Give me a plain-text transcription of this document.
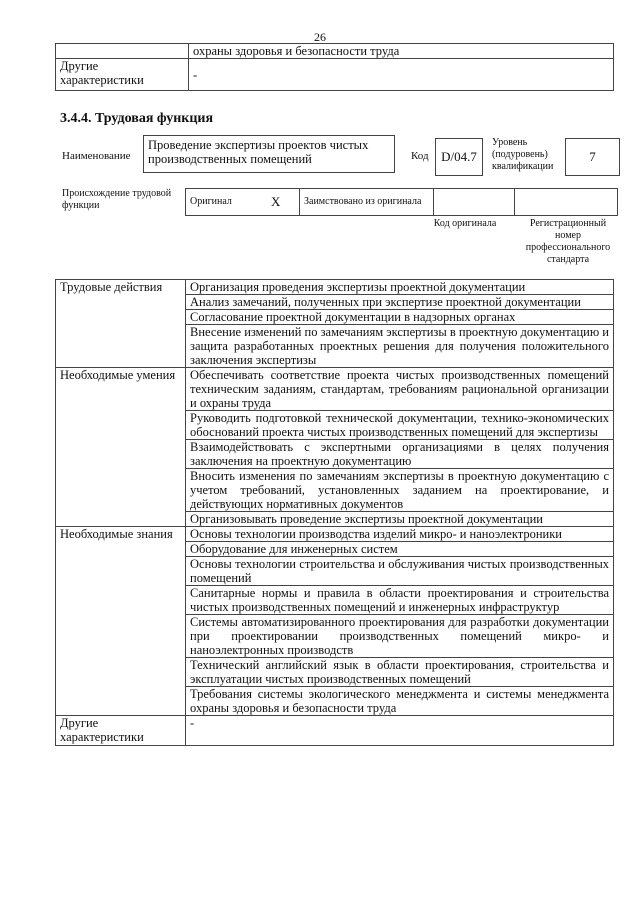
26
	охраны здоровья и безопасности труда
Другие характеристики	-
3.4.4. Трудовая функция
Наименование
Проведение экспертизы проектов чистых производственных помещений	Код D/04.7
Уровень (подуровень) квалификации
7
Происхождение трудовой функции	Оригинал	X	Заимствовано из оригинала		
Код оригинала	Регистрационный номер профессионального стандарта
Трудовые действия	Организация проведения экспертизы проектной документации
	Анализ замечаний, полученных при экспертизе проектной документации
	Согласование проектной документации в надзорных органах
	Внесение изменений по замечаниям экспертизы в проектную документацию и защита разработанных проектных решения для получения положительного заключения экспертизы
Необходимые умения	Обеспечивать соответствие проекта чистых производственных помещений техническим заданиям, стандартам, требованиям рациональной организации и охраны труда
	Руководить подготовкой технической документации, технико-экономических обоснований проекта чистых производственных помещений для экспертизы
	Взаимодействовать с экспертными организациями в целях получения заключения на проектную документацию
	Вносить изменения по замечаниям экспертизы в проектную документацию с учетом требований, установленных заданием на проектирование, и действующих нормативных документов
	Организовывать проведение экспертизы проектной документации
Необходимые знания	Основы технологии производства изделий микро- и наноэлектроники
	Оборудование для инженерных систем
	Основы технологии строительства и обслуживания чистых производственных помещений
	Санитарные нормы и правила в области проектирования и строительства чистых производственных помещений и инженерных инфраструктур
	Системы автоматизированного проектирования для разработки документации при проектировании производственных помещений микро- и наноэлектронных производств
	Технический английский язык в области проектирования, строительства и эксплуатации чистых производственных помещений
	Требования системы экологического менеджмента и системы менеджмента охраны здоровья и безопасности труда
Другие характеристики	-
